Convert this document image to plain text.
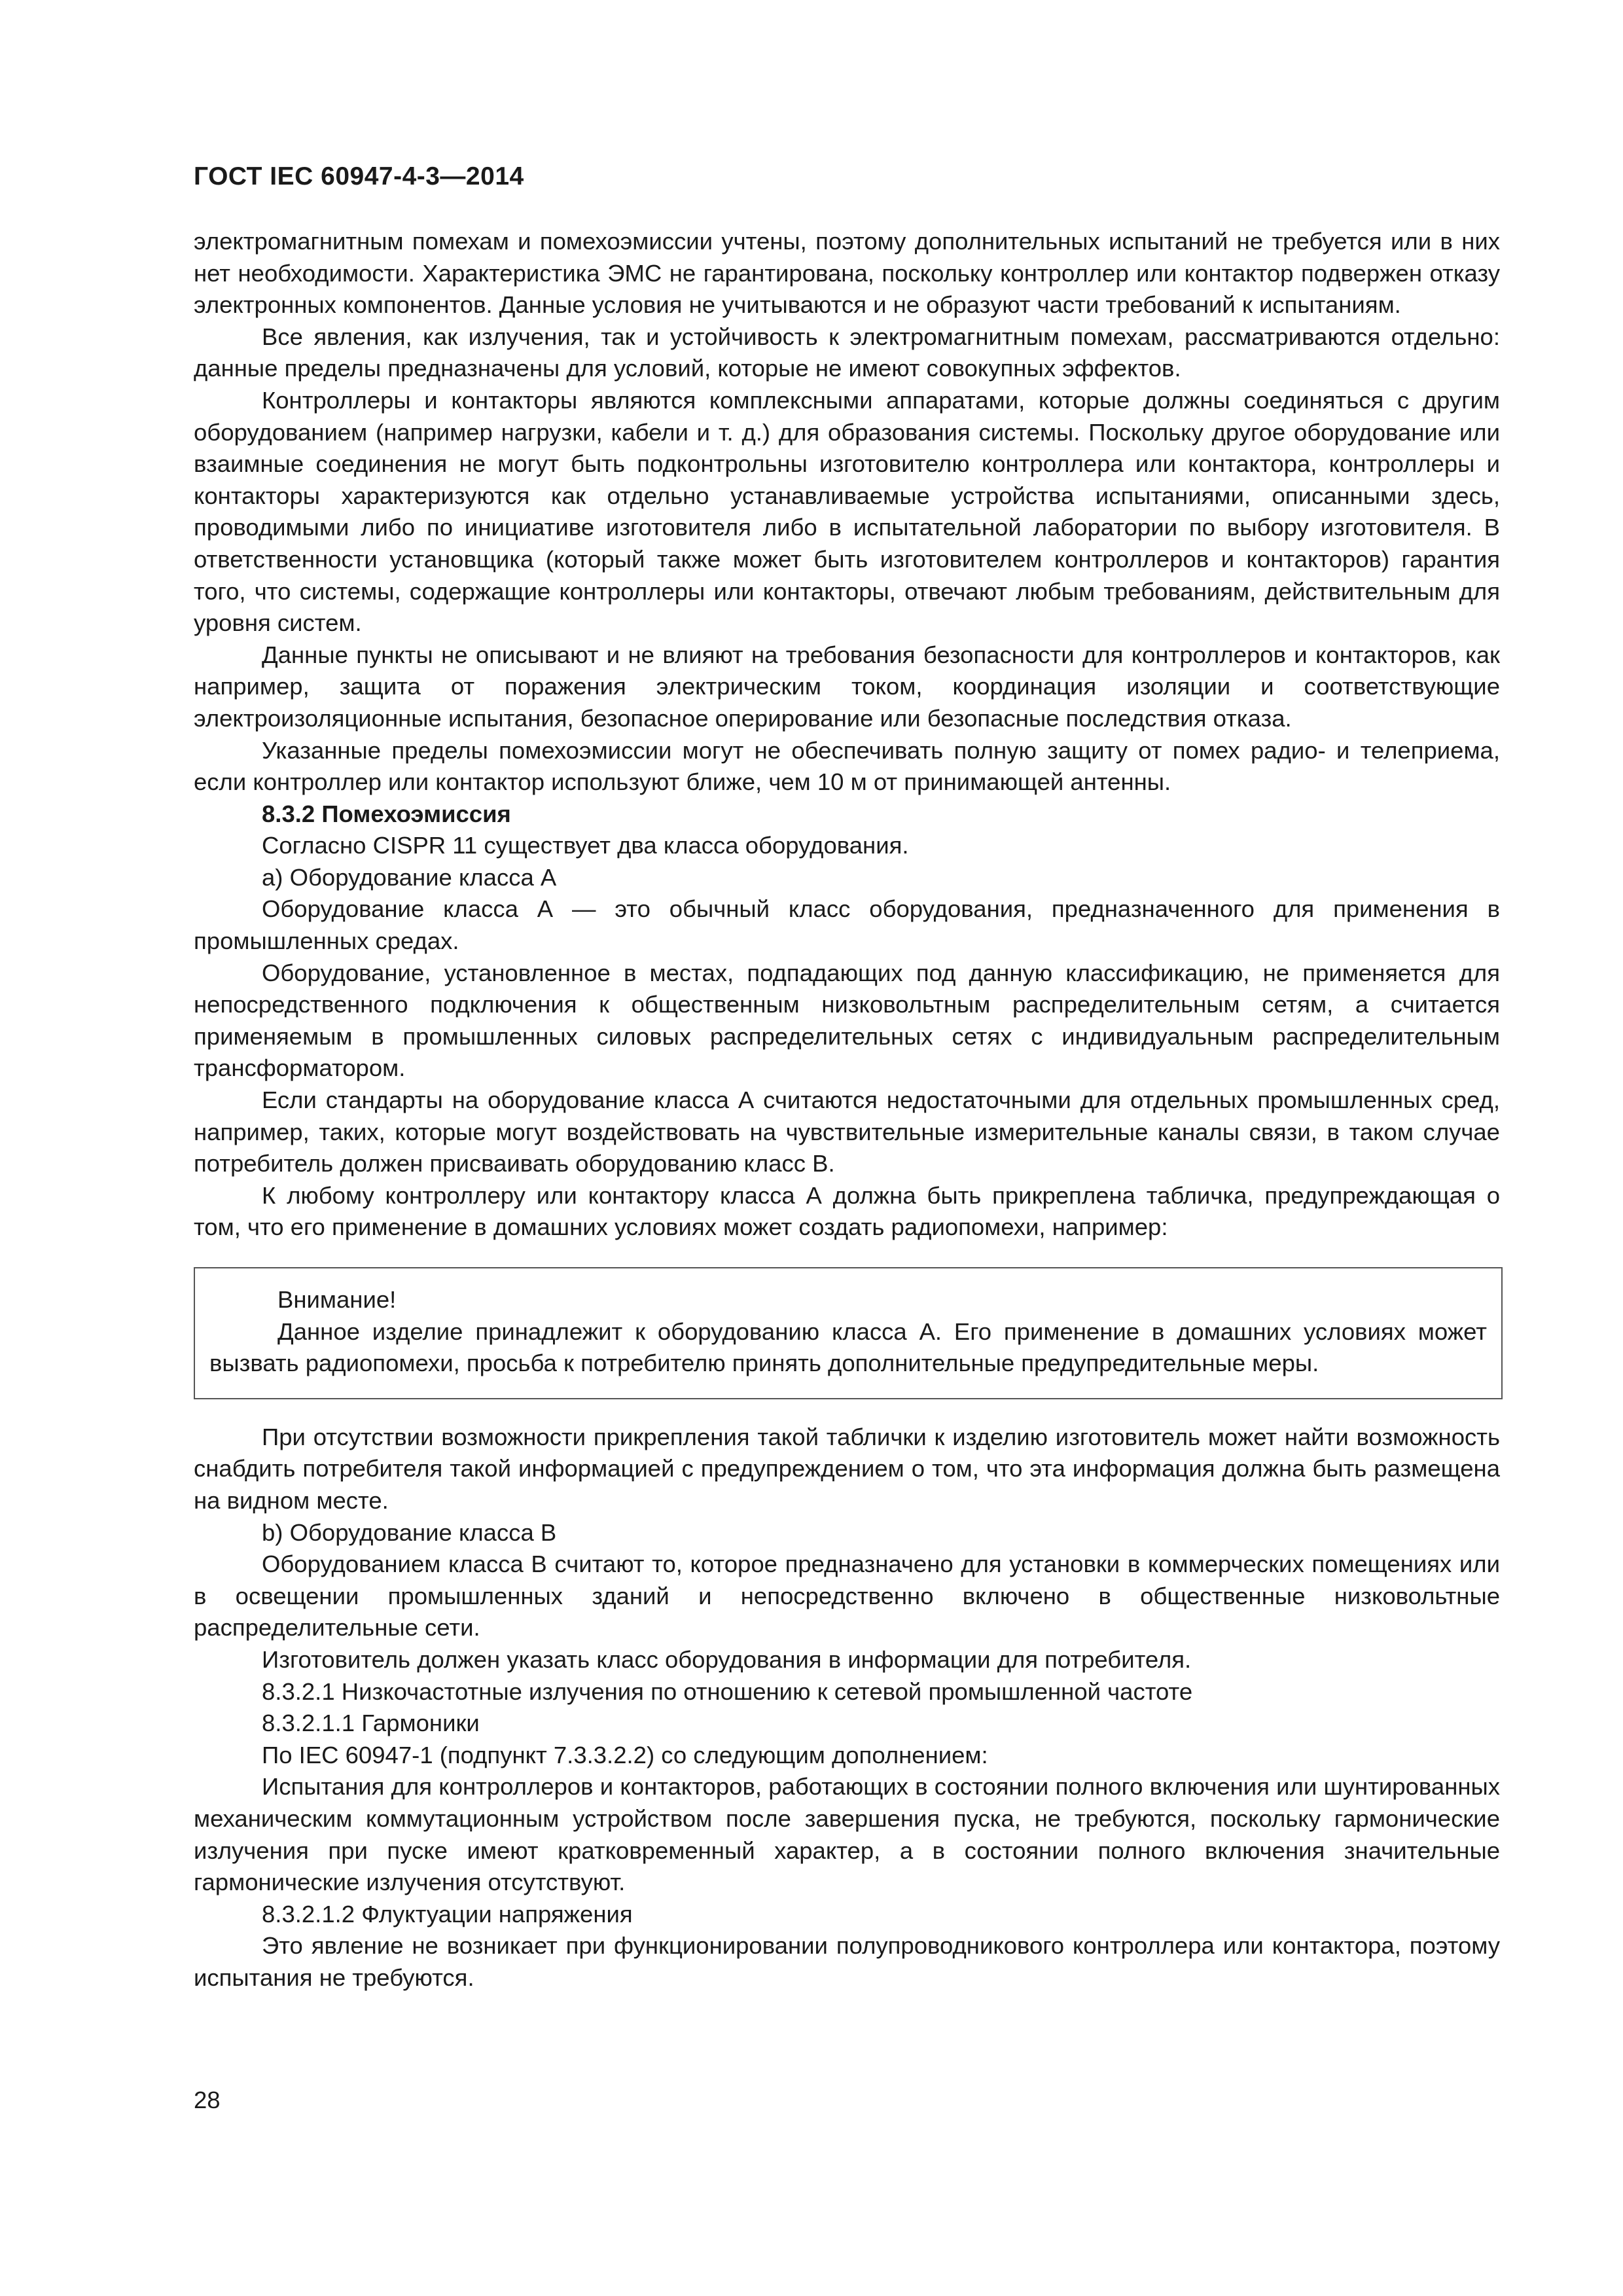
ГОСТ IEC 60947-4-3—2014

электромагнитным помехам и помехоэмиссии учтены, поэтому дополнительных испытаний не требуется или в них нет необходимости. Характеристика ЭМС не гарантирована, поскольку контроллер или контактор подвержен отказу электронных компонентов. Данные условия не учитываются и не образуют части требований к испытаниям.

Все явления, как излучения, так и устойчивость к электромагнитным помехам, рассматриваются отдельно: данные пределы предназначены для условий, которые не имеют совокупных эффектов.

Контроллеры и контакторы являются комплексными аппаратами, которые должны соединяться с другим оборудованием (например нагрузки, кабели и т. д.) для образования системы. Поскольку другое оборудование или взаимные соединения не могут быть подконтрольны изготовителю контроллера или контактора, контроллеры и контакторы характеризуются как отдельно устанавливаемые устройства испытаниями, описанными здесь, проводимыми либо по инициативе изготовителя либо в испытательной лаборатории по выбору изготовителя. В ответственности установщика (который также может быть изготовителем контроллеров и контакторов) гарантия того, что системы, содержащие контроллеры или контакторы, отвечают любым требованиям, действительным для уровня систем.

Данные пункты не описывают и не влияют на требования безопасности для контроллеров и контакторов, как например, защита от поражения электрическим током, координация изоляции и соответствующие электроизоляционные испытания, безопасное оперирование или безопасные последствия отказа.

Указанные пределы помехоэмиссии могут не обеспечивать полную защиту от помех радио- и телеприема, если контроллер или контактор используют ближе, чем 10 м от принимающей антенны.

8.3.2 Помехоэмиссия

Согласно CISPR 11 существует два класса оборудования.

а) Оборудование класса А

Оборудование класса А — это обычный класс оборудования, предназначенного для применения в промышленных средах.

Оборудование, установленное в местах, подпадающих под данную классификацию, не применяется для непосредственного подключения к общественным низковольтным распределительным сетям, а считается применяемым в промышленных силовых распределительных сетях с индивидуальным распределительным трансформатором.

Если стандарты на оборудование класса А считаются недостаточными для отдельных промышленных сред, например, таких, которые могут воздействовать на чувствительные измерительные каналы связи, в таком случае потребитель должен присваивать оборудованию класс В.

К любому контроллеру или контактору класса А должна быть прикреплена табличка, предупреждающая о том, что его применение в домашних условиях может создать радиопомехи, например:

Внимание!

Данное изделие принадлежит к оборудованию класса А. Его применение в домашних условиях может вызвать радиопомехи, просьба к потребителю принять дополнительные предупредительные меры.

При отсутствии возможности прикрепления такой таблички к изделию изготовитель может найти возможность снабдить потребителя такой информацией с предупреждением о том, что эта информация должна быть размещена на видном месте.

b) Оборудование класса В

Оборудованием класса В считают то, которое предназначено для установки в коммерческих помещениях или в освещении промышленных зданий и непосредственно включено в общественные низковольтные распределительные сети.

Изготовитель должен указать класс оборудования в информации для потребителя.

8.3.2.1 Низкочастотные излучения по отношению к сетевой промышленной частоте

8.3.2.1.1 Гармоники

По IEC 60947-1 (подпункт 7.3.3.2.2) со следующим дополнением:

Испытания для контроллеров и контакторов, работающих в состоянии полного включения или шунтированных механическим коммутационным устройством после завершения пуска, не требуются, поскольку гармонические излучения при пуске имеют кратковременный характер, а в состоянии полного включения значительные гармонические излучения отсутствуют.

8.3.2.1.2 Флуктуации напряжения

Это явление не возникает при функционировании полупроводникового контроллера или контактора, поэтому испытания не требуются.

28
